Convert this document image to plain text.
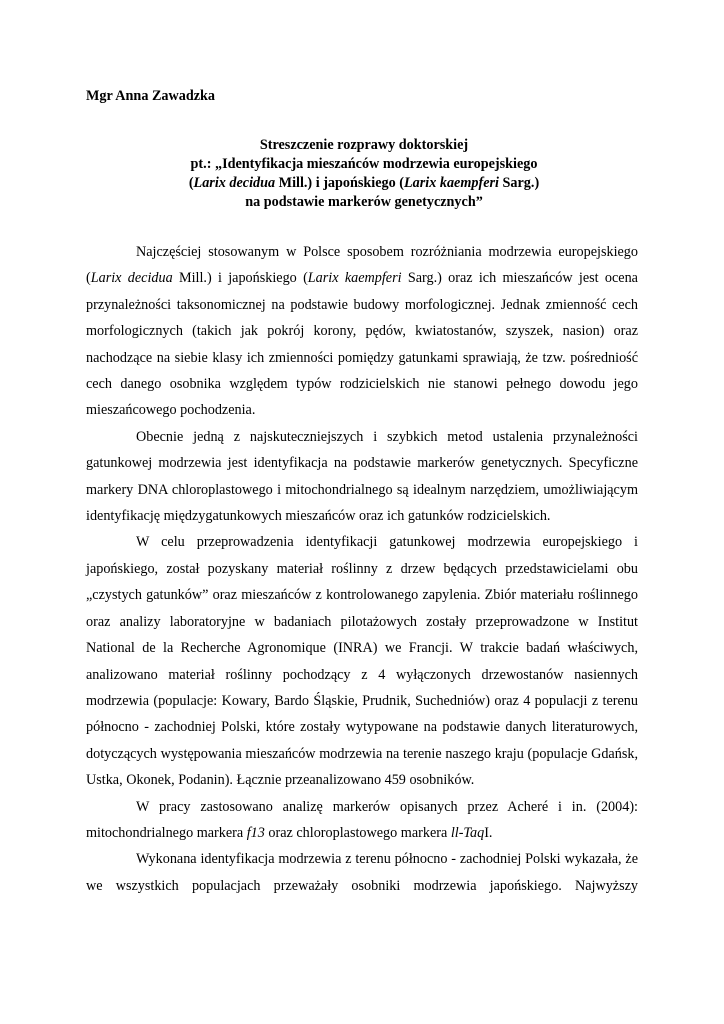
Mgr Anna Zawadzka

Streszczenie rozprawy doktorskiej
pt.: „Identyfikacja mieszańców modrzewia europejskiego
(Larix decidua Mill.) i japońskiego (Larix kaempferi Sarg.)
na podstawie markerów genetycznych”

Najczęściej stosowanym w Polsce sposobem rozróżniania modrzewia europejskiego (Larix decidua Mill.) i japońskiego (Larix kaempferi Sarg.) oraz ich mieszańców jest ocena przynależności taksonomicznej na podstawie budowy morfologicznej. Jednak zmienność cech morfologicznych (takich jak pokrój korony, pędów, kwiatostanów, szyszek, nasion) oraz nachodzące na siebie klasy ich zmienności pomiędzy gatunkami sprawiają, że tzw. pośredniość cech danego osobnika względem typów rodzicielskich nie stanowi pełnego dowodu jego mieszańcowego pochodzenia.

Obecnie jedną z najskuteczniejszych i szybkich metod ustalenia przynależności gatunkowej modrzewia jest identyfikacja na podstawie markerów genetycznych. Specyficzne markery DNA chloroplastowego i mitochondrialnego są idealnym narzędziem, umożliwiającym identyfikację międzygatunkowych mieszańców oraz ich gatunków rodzicielskich.

W celu przeprowadzenia identyfikacji gatunkowej modrzewia europejskiego i japońskiego, został pozyskany materiał roślinny z drzew będących przedstawicielami obu „czystych gatunków” oraz mieszańców z kontrolowanego zapylenia. Zbiór materiału roślinnego oraz analizy laboratoryjne w badaniach pilotażowych zostały przeprowadzone w Institut National de la Recherche Agronomique (INRA) we Francji. W trakcie badań właściwych, analizowano materiał roślinny pochodzący z 4 wyłączonych drzewostanów nasiennych modrzewia (populacje: Kowary, Bardo Śląskie, Prudnik, Suchedniów) oraz 4 populacji z terenu północno - zachodniej Polski, które zostały wytypowane na podstawie danych literaturowych, dotyczących występowania mieszańców modrzewia na terenie naszego kraju (populacje Gdańsk, Ustka, Okonek, Podanin). Łącznie przeanalizowano 459 osobników.

W pracy zastosowano analizę markerów opisanych przez Acheré i in. (2004): mitochondrialnego markera f13 oraz chloroplastowego markera ll-TaqI.

Wykonana identyfikacja modrzewia z terenu północno - zachodniej Polski wykazała, że we wszystkich populacjach przeważały osobniki modrzewia japońskiego. Najwyższy
